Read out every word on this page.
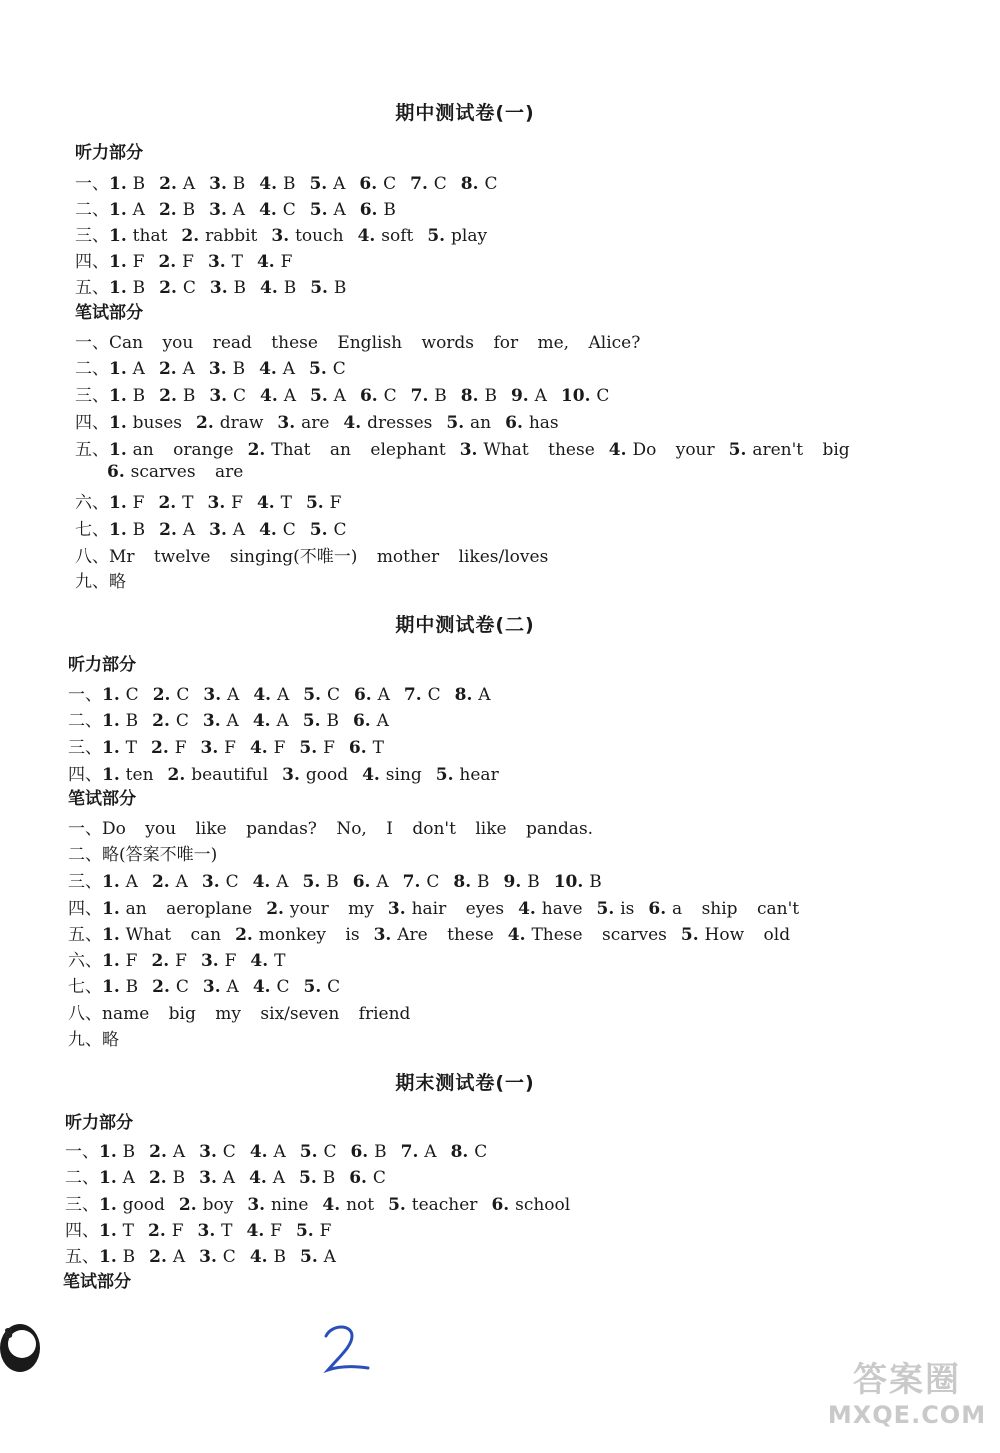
期中测试卷(一)

听力部分

一、1. B 2. A 3. B 4. B 5. A 6. C 7. C 8. C
二、1. A 2. B 3. A 4. C 5. A 6. B
三、1. that 2. rabbit 3. touch 4. soft 5. play
四、1. F 2. F 3. T 4. F
五、1. B 2. C 3. B 4. B 5. B

笔试部分

一、Can you read these English words for me, Alice?
二、1. A 2. A 3. B 4. A 5. C
三、1. B 2. B 3. C 4. A 5. A 6. C 7. B 8. B 9. A 10. C
四、1. buses 2. draw 3. are 4. dresses 5. an 6. has
五、1. an orange 2. That an elephant 3. What these 4. Do your 5. aren't big
6. scarves are
六、1. F 2. T 3. F 4. T 5. F
七、1. B 2. A 3. A 4. C 5. C
八、Mr twelve singing(不唯一) mother likes/loves
九、略
期中测试卷(二)

听力部分

一、1. C 2. C 3. A 4. A 5. C 6. A 7. C 8. A
二、1. B 2. C 3. A 4. A 5. B 6. A
三、1. T 2. F 3. F 4. F 5. F 6. T
四、1. ten 2. beautiful 3. good 4. sing 5. hear

笔试部分

一、Do you like pandas? No, I don't like pandas.
二、略(答案不唯一)
三、1. A 2. A 3. C 4. A 5. B 6. A 7. C 8. B 9. B 10. B
四、1. an aeroplane 2. your my 3. hair eyes 4. have 5. is 6. a ship can't
五、1. What can 2. monkey is 3. Are these 4. These scarves 5. How old
六、1. F 2. F 3. F 4. T
七、1. B 2. C 3. A 4. C 5. C
八、name big my six/seven friend
九、略
期末测试卷(一)

听力部分

一、1. B 2. A 3. C 4. A 5. C 6. B 7. A 8. C
二、1. A 2. B 3. A 4. A 5. B 6. C
三、1. good 2. boy 3. nine 4. not 5. teacher 6. school
四、1. T 2. F 3. T 4. F 5. F
五、1. B 2. A 3. C 4. B 5. A

笔试部分

8
答案圈
MXQE.COM
